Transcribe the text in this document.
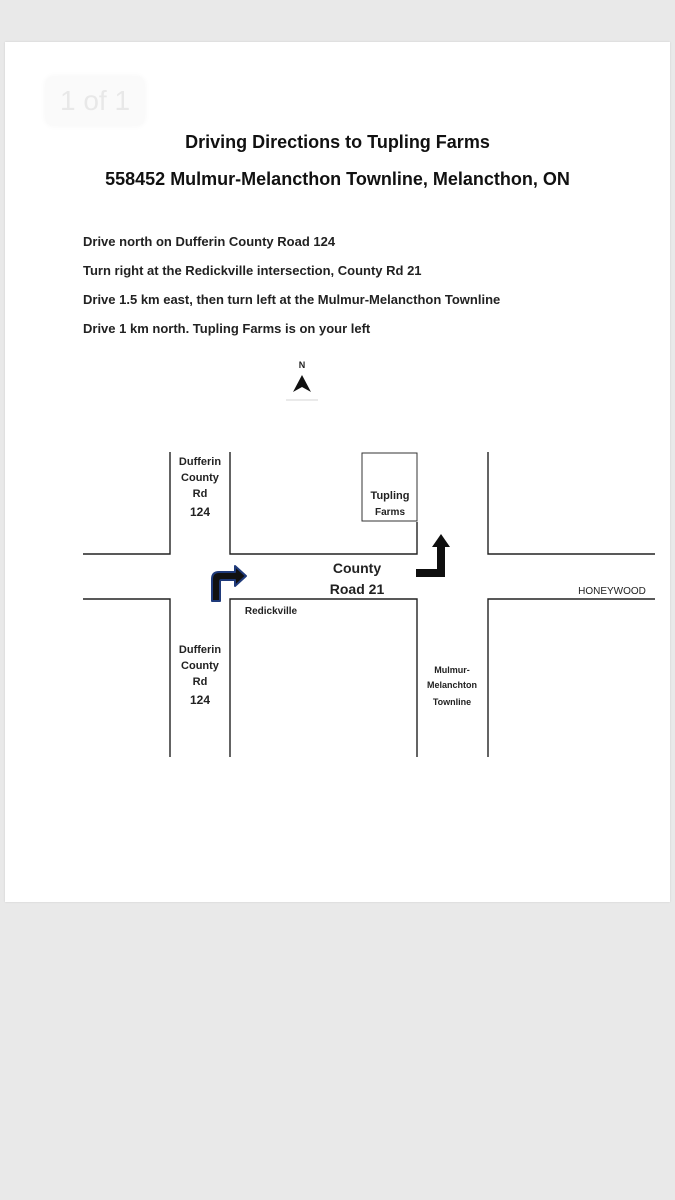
1 of 1
Driving Directions to Tupling Farms
558452 Mulmur-Melancthon Townline, Melancthon, ON
Drive north on Dufferin County Road 124
Turn right at the Redickville intersection, County Rd 21
Drive 1.5 km east, then turn left at the Mulmur-Melancthon Townline
Drive 1 km north. Tupling Farms is on your left
N
Dufferin
County
Rd
124
Tupling
Farms
County
Road 21
Redickville
HONEYWOOD
Dufferin
County
Rd
124
Mulmur-
Melanchton
Townline
